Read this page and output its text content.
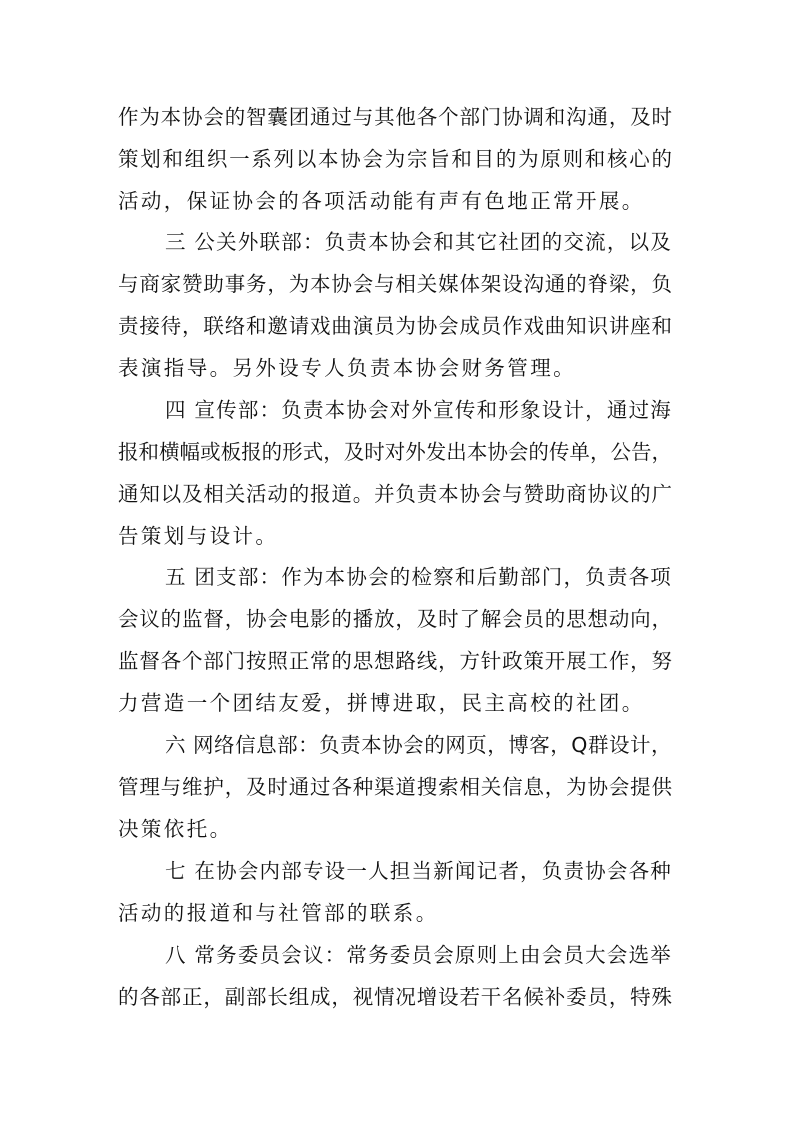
作为本协会的智囊团通过与其他各个部门协调和沟通，及时
策划和组织一系列以本协会为宗旨和目的为原则和核心的
活动，保证协会的各项活动能有声有色地正常开展。
三 公关外联部：负责本协会和其它社团的交流，以及
与商家赞助事务，为本协会与相关媒体架设沟通的脊梁，负
责接待，联络和邀请戏曲演员为协会成员作戏曲知识讲座和
表演指导。另外设专人负责本协会财务管理。
四 宣传部：负责本协会对外宣传和形象设计，通过海
报和横幅或板报的形式，及时对外发出本协会的传单，公告，
通知以及相关活动的报道。并负责本协会与赞助商协议的广
告策划与设计。
五 团支部：作为本协会的检察和后勤部门，负责各项
会议的监督，协会电影的播放，及时了解会员的思想动向，
监督各个部门按照正常的思想路线，方针政策开展工作，努
力营造一个团结友爱，拼博进取，民主高校的社团。
六 网络信息部：负责本协会的网页，博客，Q群设计，
管理与维护，及时通过各种渠道搜索相关信息，为协会提供
决策依托。
七 在协会内部专设一人担当新闻记者，负责协会各种
活动的报道和与社管部的联系。
八 常务委员会议：常务委员会原则上由会员大会选举
的各部正，副部长组成，视情况增设若干名候补委员，特殊
